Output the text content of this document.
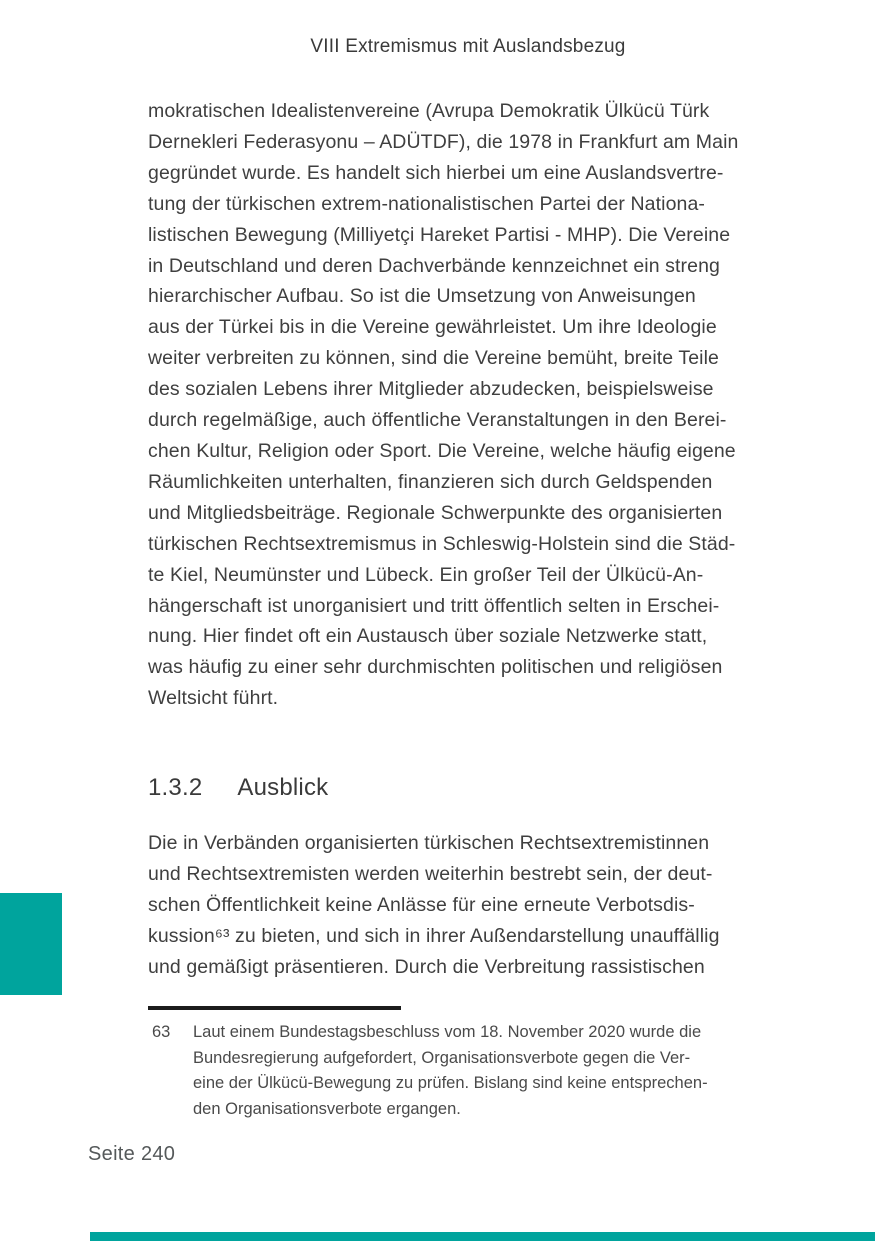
VIII Extremismus mit Auslandsbezug
mokratischen Idealistenvereine (Avrupa Demokratik Ülkücü Türk
Dernekleri Federasyonu – ADÜTDF), die 1978 in Frankfurt am Main
gegründet wurde. Es handelt sich hierbei um eine Auslandsvertre-
tung der türkischen extrem-nationalistischen Partei der Nationa-
listischen Bewegung (Milliyetçi Hareket Partisi - MHP). Die Vereine
in Deutschland und deren Dachverbände kennzeichnet ein streng
hierarchischer Aufbau. So ist die Umsetzung von Anweisungen
aus der Türkei bis in die Vereine gewährleistet. Um ihre Ideologie
weiter verbreiten zu können, sind die Vereine bemüht, breite Teile
des sozialen Lebens ihrer Mitglieder abzudecken, beispielsweise
durch regelmäßige, auch öffentliche Veranstaltungen in den Berei-
chen Kultur, Religion oder Sport. Die Vereine, welche häufig eigene
Räumlichkeiten unterhalten, finanzieren sich durch Geldspenden
und Mitgliedsbeiträge. Regionale Schwerpunkte des organisierten
türkischen Rechtsextremismus in Schleswig-Holstein sind die Städ-
te Kiel, Neumünster und Lübeck. Ein großer Teil der Ülkücü-An-
hängerschaft ist unorganisiert und tritt öffentlich selten in Erschei-
nung. Hier findet oft ein Austausch über soziale Netzwerke statt,
was häufig zu einer sehr durchmischten politischen und religiösen
Weltsicht führt.
1.3.2 Ausblick
Die in Verbänden organisierten türkischen Rechtsextremistinnen
und Rechtsextremisten werden weiterhin bestrebt sein, der deut-
schen Öffentlichkeit keine Anlässe für eine erneute Verbotsdis-
kussion⁶³ zu bieten, und sich in ihrer Außendarstellung unauffällig
und gemäßigt präsentieren. Durch die Verbreitung rassistischen
63	Laut einem Bundestagsbeschluss vom 18. November 2020 wurde die
Bundesregierung aufgefordert, Organisationsverbote gegen die Ver-
eine der Ülkücü-Bewegung zu prüfen. Bislang sind keine entsprechen-
den Organisationsverbote ergangen.
Seite 240
